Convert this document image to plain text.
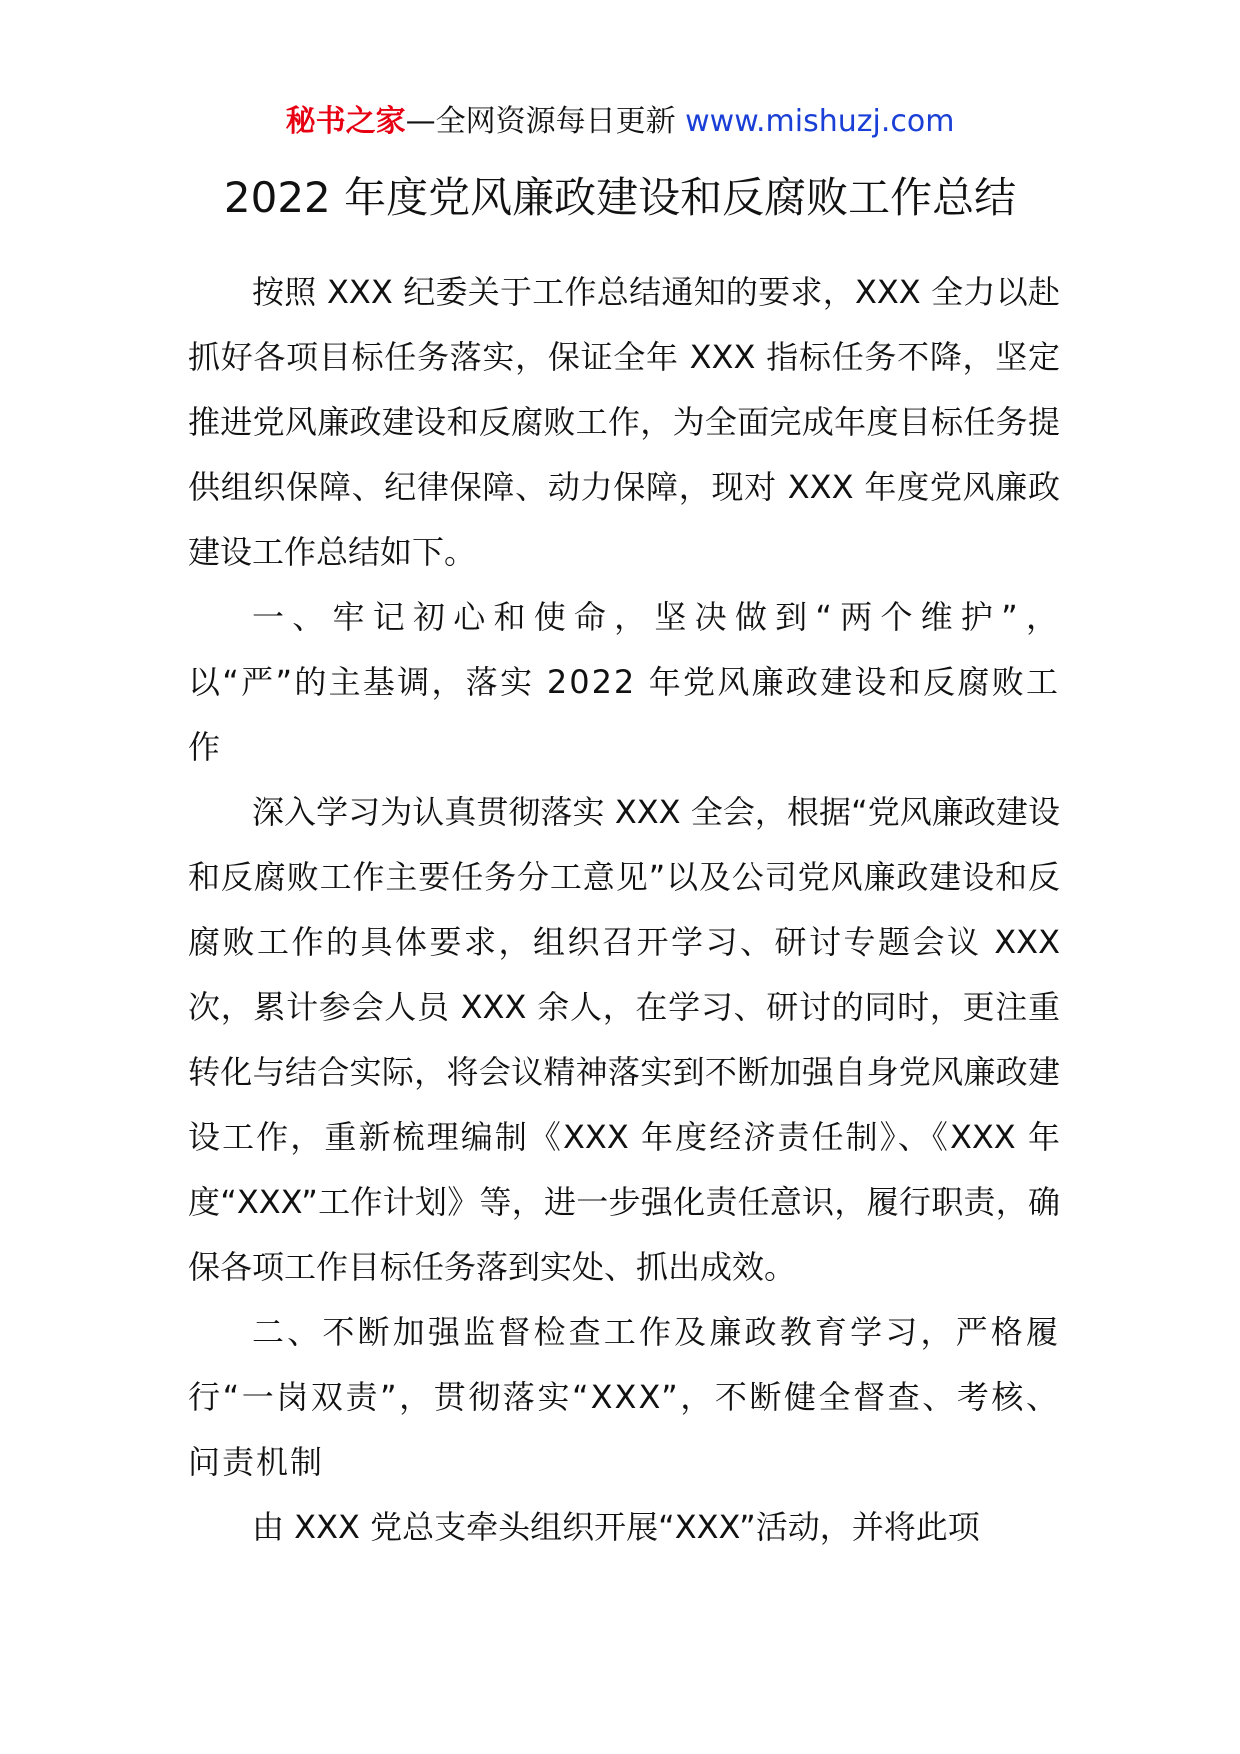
秘书之家—全网资源每日更新 www.mishuzj.com
2022 年度党风廉政建设和反腐败工作总结

按照 XXX 纪委关于工作总结通知的要求，XXX 全力以赴抓好各项目标任务落实，保证全年 XXX 指标任务不降，坚定推进党风廉政建设和反腐败工作，为全面完成年度目标任务提供组织保障、纪律保障、动力保障，现对 XXX 年度党风廉政建设工作总结如下。

一、牢记初心和使命，坚决做到“两个维护”，以“严”的主基调，落实 2022 年党风廉政建设和反腐败工作

深入学习为认真贯彻落实 XXX 全会，根据“党风廉政建设和反腐败工作主要任务分工意见”以及公司党风廉政建设和反腐败工作的具体要求，组织召开学习、研讨专题会议 XXX 次，累计参会人员 XXX 余人，在学习、研讨的同时，更注重转化与结合实际，将会议精神落实到不断加强自身党风廉政建设工作，重新梳理编制《XXX 年度经济责任制》、《XXX 年度“XXX”工作计划》等，进一步强化责任意识，履行职责，确保各项工作目标任务落到实处、抓出成效。

二、不断加强监督检查工作及廉政教育学习，严格履行“一岗双责”，贯彻落实“XXX”，不断健全督查、考核、问责机制

由 XXX 党总支牵头组织开展“XXX”活动，并将此项
